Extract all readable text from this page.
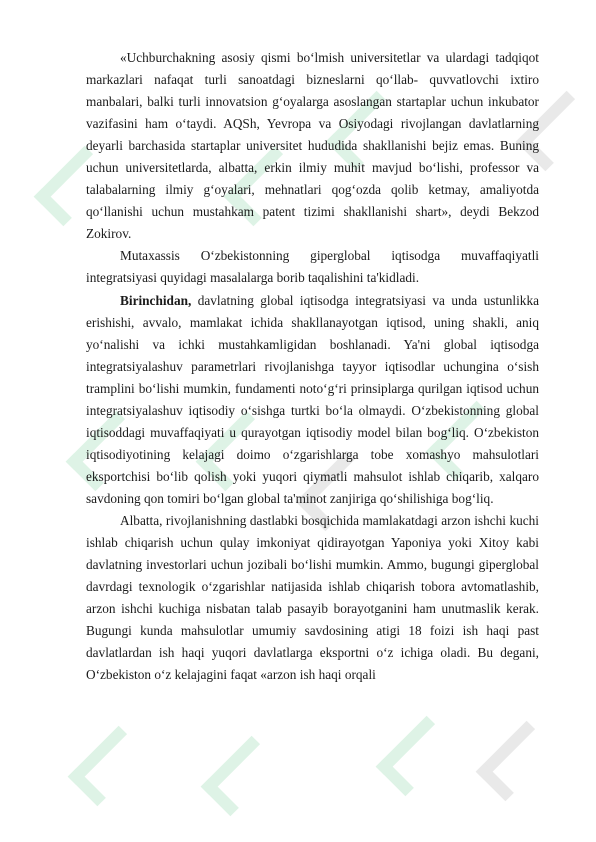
«Uchburchakning asosiy qismi bo‘lmish universitetlar va ulardagi tadqiqot markazlari nafaqat turli sanoatdagi bizneslarni qo‘llab- quvvatlovchi ixtiro manbalari, balki turli innovatsion g‘oyalarga asoslangan startaplar uchun inkubator vazifasini ham o‘taydi. AQSh, Yevropa va Osiyodagi rivojlangan davlatlarning deyarli barchasida startaplar universitet hududida shakllanishi bejiz emas. Buning uchun universitetlarda, albatta, erkin ilmiy muhit mavjud bo‘lishi, professor va talabalarning ilmiy g‘oyalari, mehnatlari qog‘ozda qolib ketmay, amaliyotda qo‘llanishi uchun mustahkam patent tizimi shakllanishi shart», deydi Bekzod Zokirov.

Mutaxassis O‘zbekistonning giperglobal iqtisodga muvaffaqiyatli integratsiyasi quyidagi masalalarga borib taqalishini ta'kidladi.

Birinchidan, davlatning global iqtisodga integratsiyasi va unda ustunlikka erishishi, avvalo, mamlakat ichida shakllanayotgan iqtisod, uning shakli, aniq yo‘nalishi va ichki mustahkamligidan boshlanadi. Ya'ni global iqtisodga integratsiyalashuv parametrlari rivojlanishga tayyor iqtisodlar uchungina o‘sish tramplini bo‘lishi mumkin, fundamenti noto‘g‘ri prinsiplarga qurilgan iqtisod uchun integratsiyalashuv iqtisodiy o‘sishga turtki bo‘la olmaydi. O‘zbekistonning global iqtisoddagi muvaffaqiyati u qurayotgan iqtisodiy model bilan bog‘liq. O‘zbekiston iqtisodiyotining kelajagi doimo o‘zgarishlarga tobe xomashyo mahsulotlari eksportchisi bo‘lib qolish yoki yuqori qiymatli mahsulot ishlab chiqarib, xalqaro savdoning qon tomiri bo‘lgan global ta'minot zanjiriga qo‘shilishiga bog‘liq.

Albatta, rivojlanishning dastlabki bosqichida mamlakatdagi arzon ishchi kuchi ishlab chiqarish uchun qulay imkoniyat qidirayotgan Yaponiya yoki Xitoy kabi davlatning investorlari uchun jozibali bo‘lishi mumkin. Ammo, bugungi giperglobal davrdagi texnologik o‘zgarishlar natijasida ishlab chiqarish tobora avtomatlashib, arzon ishchi kuchiga nisbatan talab pasayib borayotganini ham unutmaslik kerak. Bugungi kunda mahsulotlar umumiy savdosining atigi 18 foizi ish haqi past davlatlardan ish haqi yuqori davlatlarga eksportni o‘z ichiga oladi. Bu degani, O‘zbekiston o‘z kelajagini faqat «arzon ish haqi orqali
